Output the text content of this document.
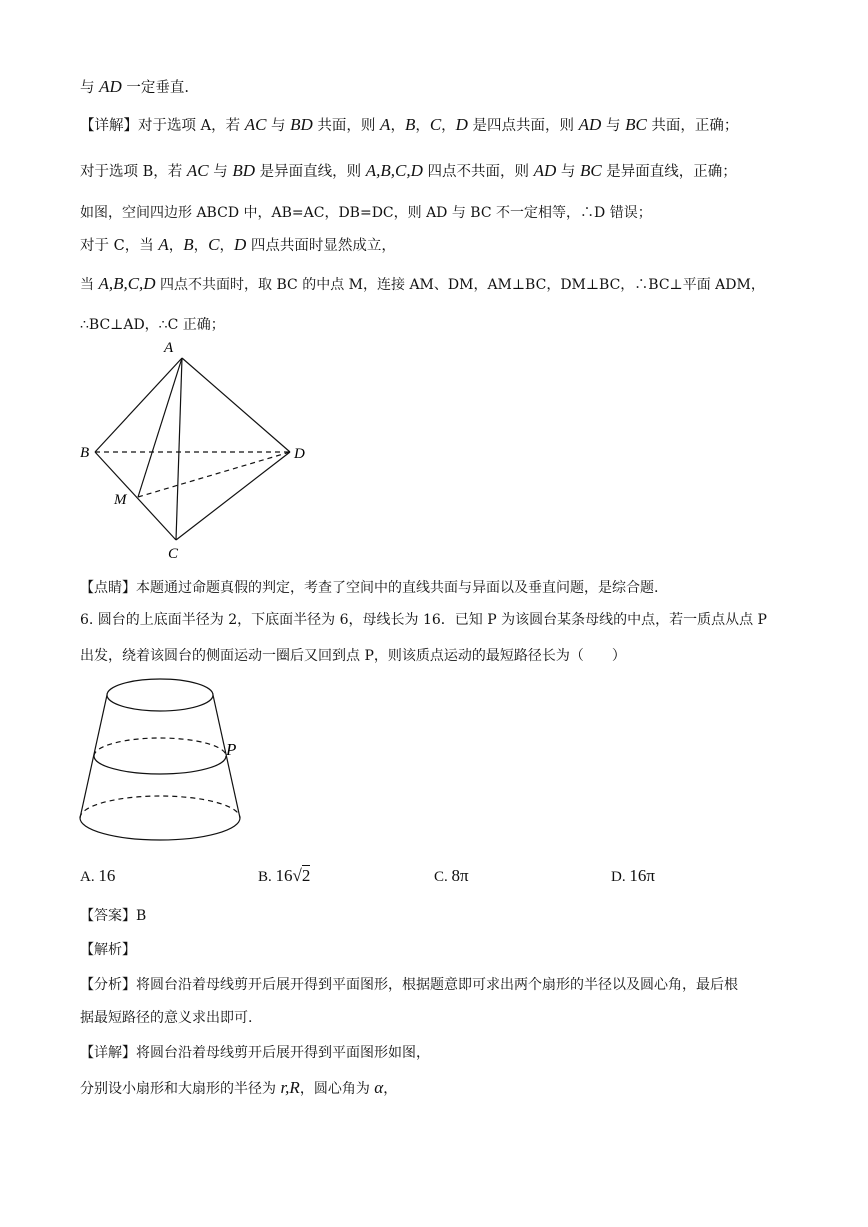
与 AD 一定垂直.
【详解】对于选项 A，若 AC 与 BD 共面，则 A，B，C，D 是四点共面，则 AD 与 BC 共面，正确；
对于选项 B，若 AC 与 BD 是异面直线，则 A,B,C,D 四点不共面，则 AD 与 BC 是异面直线，正确；
如图，空间四边形 ABCD 中，AB=AC，DB=DC，则 AD 与 BC 不一定相等，∴D 错误；
对于 C，当 A，B，C，D 四点共面时显然成立，
当 A,B,C,D 四点不共面时，取 BC 的中点 M，连接 AM、DM，AM⊥BC，DM⊥BC，∴BC⊥平面 ADM，
∴BC⊥AD，∴C 正确；
A
B
C
D
M
【点睛】本题通过命题真假的判定，考查了空间中的直线共面与异面以及垂直问题，是综合题.
6. 圆台的上底面半径为 2，下底面半径为 6，母线长为 16．已知 P 为该圆台某条母线的中点，若一质点从点 P
出发，绕着该圆台的侧面运动一圈后又回到点 P，则该质点运动的最短路径长为（　　）
P
A. 16	B. 16√2	C. 8π	D. 16π
【答案】B
【解析】
【分析】将圆台沿着母线剪开后展开得到平面图形，根据题意即可求出两个扇形的半径以及圆心角，最后根
据最短路径的意义求出即可.
【详解】将圆台沿着母线剪开后展开得到平面图形如图，
分别设小扇形和大扇形的半径为 r,R，圆心角为 α，
